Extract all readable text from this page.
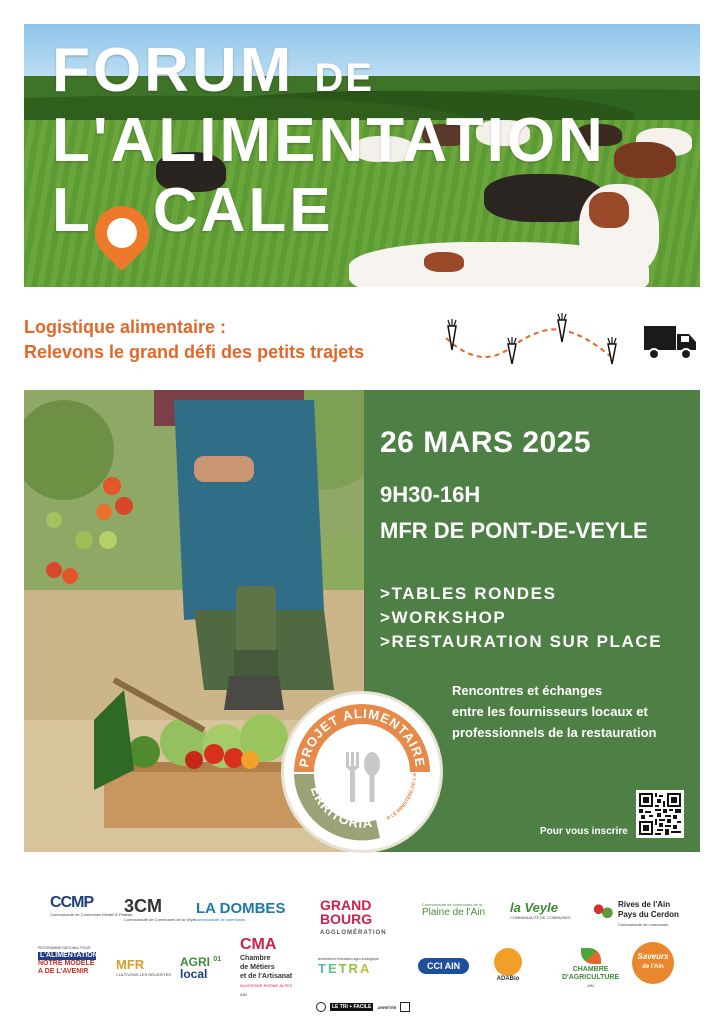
FORUM DE
L'ALIMENTATION
L CALE
Logistique alimentaire :
Relevons le grand défi des petits trajets
26 MARS 2025
9H30-16H
MFR DE PONT-DE-VEYLE
>TABLES RONDES
>WORKSHOP
>RESTAURATION SUR PLACE
Rencontres et échanges
entre les fournisseurs locaux et
professionnels de la restauration
Pour vous inscrire
PROJET ALIMENTAIRE
ERRITORIA	R LE MINISTÈRE DE L'A
CCMP
Communauté de Communes Miribel & Plateau
3CM
Communauté de Communes de la Veyle
LA DOMBES
communauté de communes
GRAND
BOURG
AGGLOMÉRATION
Communauté de communes de la
Plaine de l'Ain la Veyle
COMMUNAUTÉ DE COMMUNES
Rives de l'Ain
Pays du Cerdon
Communauté de communes
PROGRAMME NATIONAL POUR
L'ALIMENTATION
NOTRE MODÈLE
A DE L'AVENIR	MFR
CULTIVONS LES RÉUSSITES
AGRI $^{01}$
local
CMA
Chambre
de Métiers
et de l'Artisanat
AUVERGNE-RHÔNE-ALPES
AIN
territoires en transition agro-écologique
TETRA	CCI AIN
ADABio
CHAMBRE
D'AGRICULTURE
AIN
Saveurs
de l'Ain
LE TRI + FACILE	ARRÊTÉE
